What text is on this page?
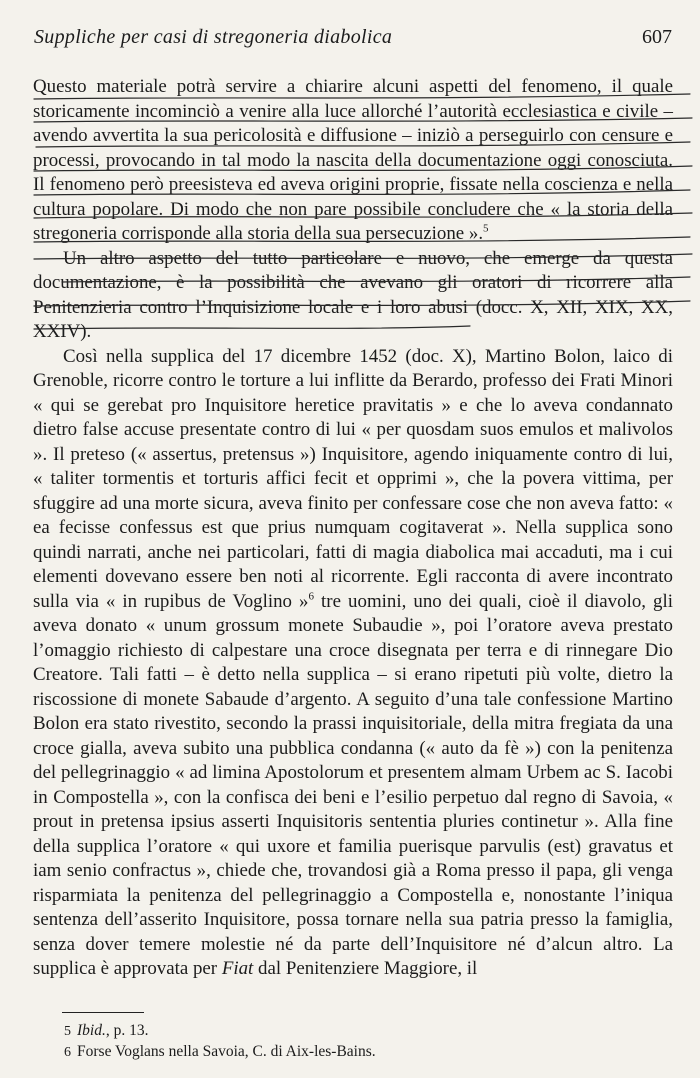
Suppliche per casi di stregoneria diabolica	607

Questo materiale potrà servire a chiarire alcuni aspetti del fenomeno, il quale storicamente incominciò a venire alla luce allorché l’autorità ecclesiastica e civile – avendo avvertita la sua pericolosità e diffusione – iniziò a perseguirlo con censure e processi, provocando in tal modo la nascita della documentazione oggi conosciuta. Il fenomeno però preesisteva ed aveva origini proprie, fissate nella coscienza e nella cultura popolare. Di modo che non pare possibile concludere che « la storia della stregoneria corrisponde alla storia della sua persecuzione ».$^5$

Un altro aspetto del tutto particolare e nuovo, che emerge da questa documentazione, è la possibilità che avevano gli oratori di ricorrere alla Penitenzieria contro l’Inquisizione locale e i loro abusi (docc. X, XII, XIX, XX, XXIV).

Così nella supplica del 17 dicembre 1452 (doc. X), Martino Bolon, laico di Grenoble, ricorre contro le torture a lui inflitte da Berardo, professo dei Frati Minori « qui se gerebat pro Inquisitore heretice pravitatis » e che lo aveva condannato dietro false accuse presentate contro di lui « per quosdam suos emulos et malivolos ». Il preteso (« assertus, pretensus ») Inquisitore, agendo iniquamente contro di lui, « taliter tormentis et torturis affici fecit et opprimi », che la povera vittima, per sfuggire ad una morte sicura, aveva finito per confessare cose che non aveva fatto: « ea fecisse confessus est que prius numquam cogitaverat ». Nella supplica sono quindi narrati, anche nei particolari, fatti di magia diabolica mai accaduti, ma i cui elementi dovevano essere ben noti al ricorrente. Egli racconta di avere incontrato sulla via « in rupibus de Voglino »$^6$ tre uomini, uno dei quali, cioè il diavolo, gli aveva donato « unum grossum monete Subaudie », poi l’oratore aveva prestato l’omaggio richiesto di calpestare una croce disegnata per terra e di rinnegare Dio Creatore. Tali fatti – è detto nella supplica – si erano ripetuti più volte, dietro la riscossione di monete Sabaude d’argento. A seguito d’una tale confessione Martino Bolon era stato rivestito, secondo la prassi inquisitoriale, della mitra fregiata da una croce gialla, aveva subito una pubblica condanna (« auto da fè ») con la penitenza del pellegrinaggio « ad limina Apostolorum et presentem almam Urbem ac S. Iacobi in Compostella », con la confisca dei beni e l’esilio perpetuo dal regno di Savoia, « prout in pretensa ipsius asserti Inquisitoris sententia pluries continetur ». Alla fine della supplica l’oratore « qui uxore et familia puerisque parvulis (est) gravatus et iam senio confractus », chiede che, trovandosi già a Roma presso il papa, gli venga risparmiata la penitenza del pellegrinaggio a Compostella e, nonostante l’iniqua sentenza dell’asserito Inquisitore, possa tornare nella sua patria presso la famiglia, senza dover temere molestie né da parte dell’Inquisitore né d’alcun altro. La supplica è approvata per Fiat dal Penitenziere Maggiore, il

5 Ibid., p. 13.
6 Forse Voglans nella Savoia, C. di Aix-les-Bains.
